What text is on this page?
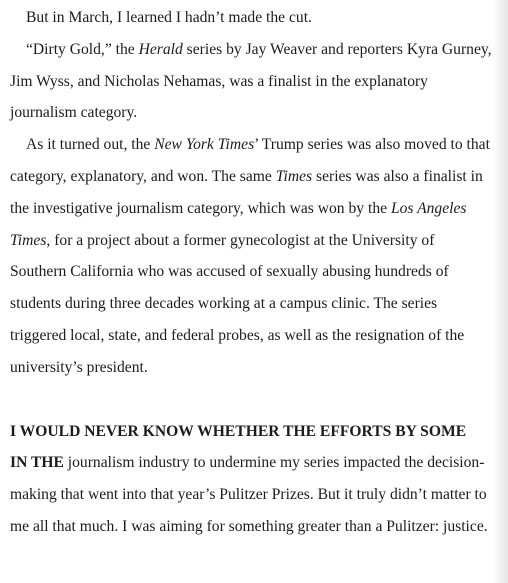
But in March, I learned I hadn’t made the cut.

“Dirty Gold,” the Herald series by Jay Weaver and reporters Kyra Gurney, Jim Wyss, and Nicholas Nehamas, was a finalist in the explanatory journalism category.

As it turned out, the New York Times’ Trump series was also moved to that category, explanatory, and won. The same Times series was also a finalist in the investigative journalism category, which was won by the Los Angeles Times, for a project about a former gynecologist at the University of Southern California who was accused of sexually abusing hundreds of students during three decades working at a campus clinic. The series triggered local, state, and federal probes, as well as the resignation of the university’s president.

I WOULD NEVER KNOW WHETHER THE EFFORTS BY SOME
IN THE journalism industry to undermine my series impacted the decision-making that went into that year’s Pulitzer Prizes. But it truly didn’t matter to me all that much. I was aiming for something greater than a Pulitzer: justice.
